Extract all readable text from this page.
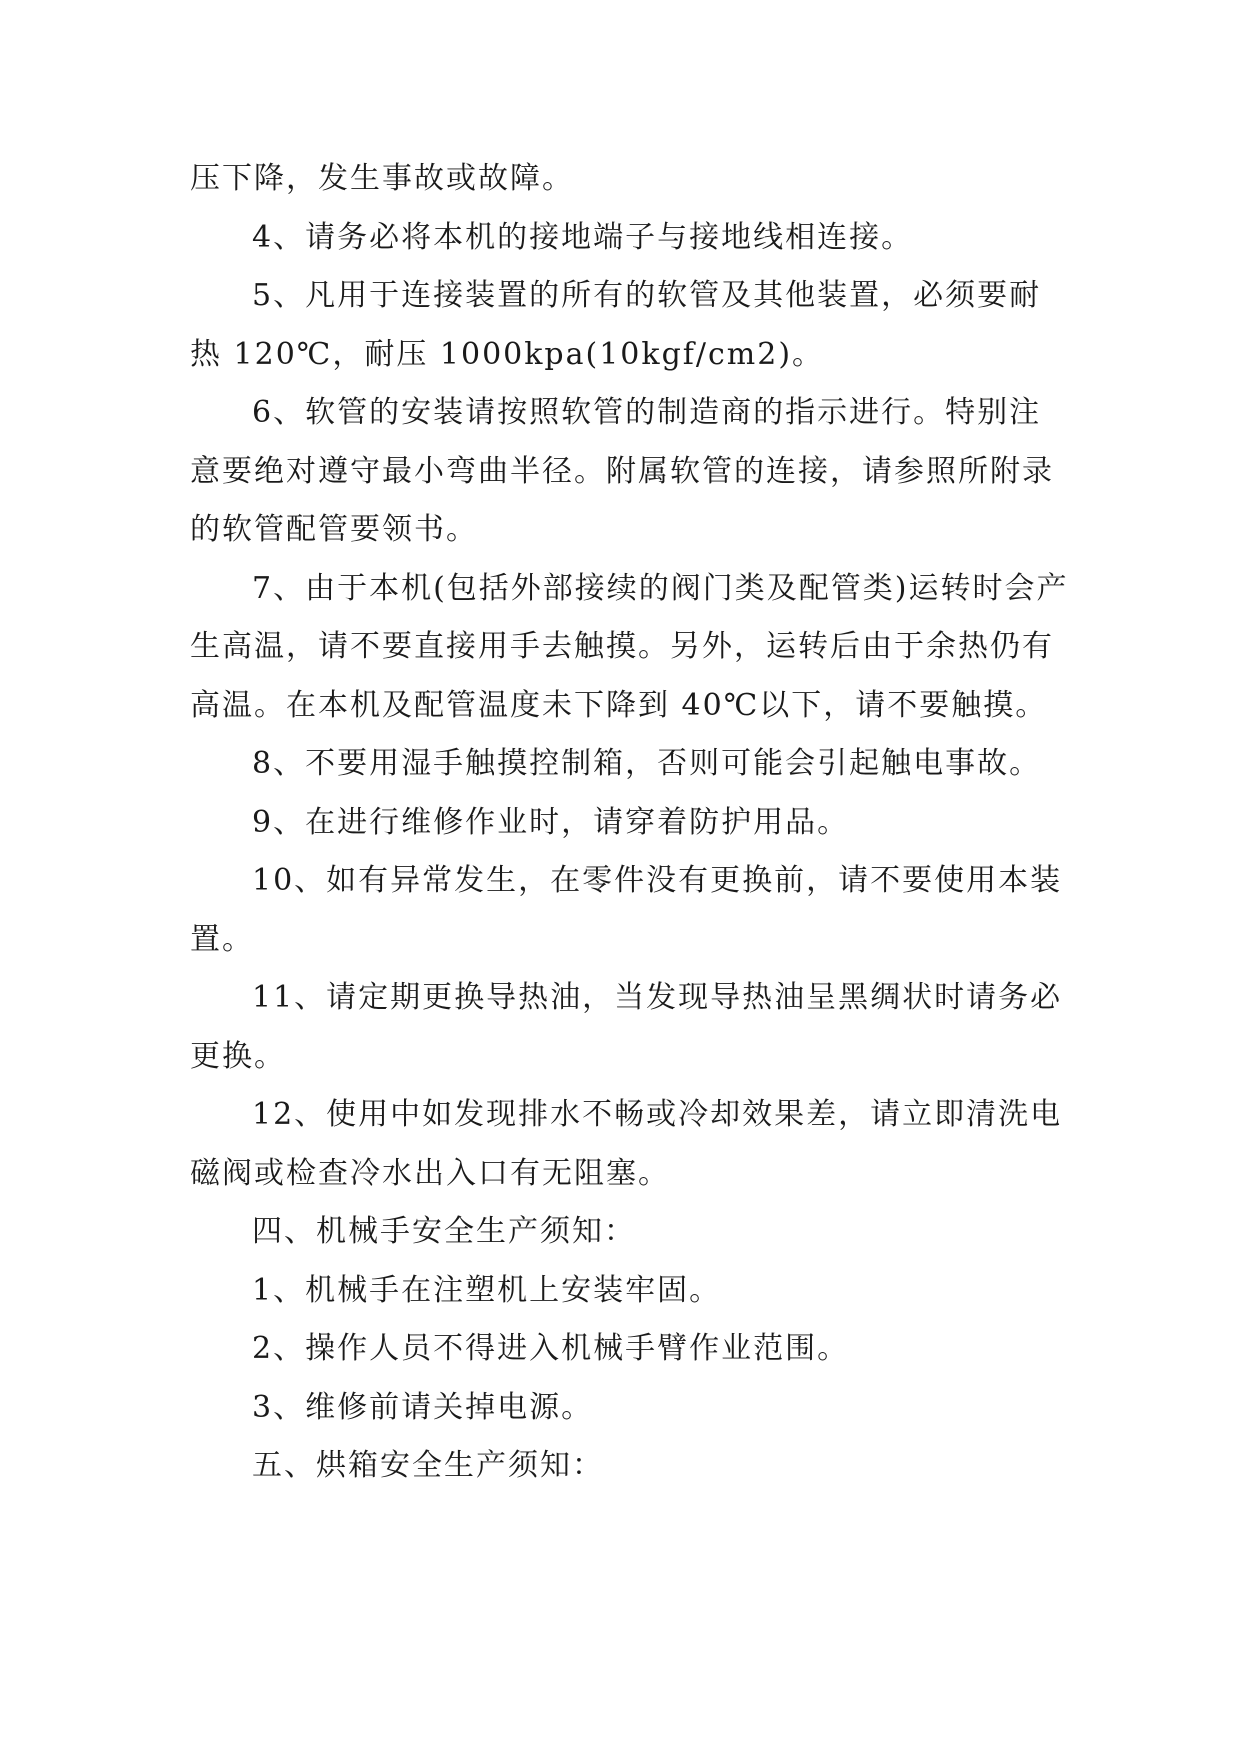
压下降，发生事故或故障。

4、请务必将本机的接地端子与接地线相连接。

5、凡用于连接装置的所有的软管及其他装置，必须要耐热 120℃，耐压 1000kpa(10kgf/cm2)。

6、软管的安装请按照软管的制造商的指示进行。特别注意要绝对遵守最小弯曲半径。附属软管的连接，请参照所附录的软管配管要领书。

7、由于本机(包括外部接续的阀门类及配管类)运转时会产生高温，请不要直接用手去触摸。另外，运转后由于余热仍有高温。在本机及配管温度未下降到 40℃以下，请不要触摸。

8、不要用湿手触摸控制箱，否则可能会引起触电事故。

9、在进行维修作业时，请穿着防护用品。

10、如有异常发生，在零件没有更换前，请不要使用本装置。

11、请定期更换导热油，当发现导热油呈黑绸状时请务必更换。

12、使用中如发现排水不畅或冷却效果差，请立即清洗电磁阀或检查冷水出入口有无阻塞。

四、机械手安全生产须知：

1、机械手在注塑机上安装牢固。

2、操作人员不得进入机械手臂作业范围。

3、维修前请关掉电源。

五、烘箱安全生产须知：
